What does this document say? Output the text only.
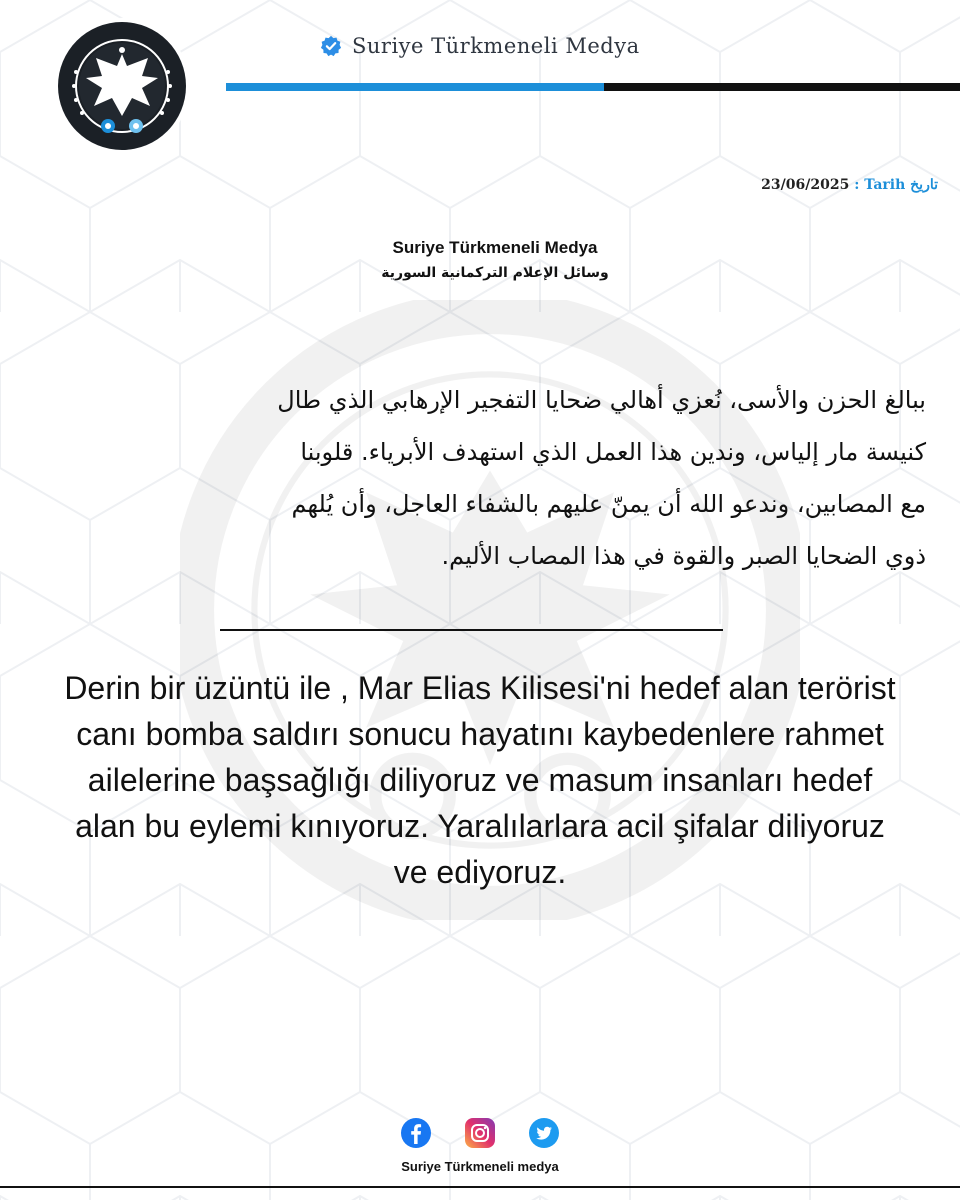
Suriye Türkmeneli Medya
23/06/2025 : Tarih تاريخ
Suriye Türkmeneli Medya
وسائل الإعلام التركمانية السورية
ببالغ الحزن والأسى، نُعزي أهالي ضحايا التفجير الإرهابي الذي طال
كنيسة مار إلياس، وندين هذا العمل الذي استهدف الأبرياء. قلوبنا
مع المصابين، وندعو الله أن يمنّ عليهم بالشفاء العاجل، وأن يُلهم
ذوي الضحايا الصبر والقوة في هذا المصاب الأليم.
Derin bir üzüntü ile , Mar Elias Kilisesi'ni hedef alan terörist
canı bomba saldırı sonucu hayatını kaybedenlere rahmet
ailelerine başsağlığı diliyoruz ve masum insanları hedef
alan bu eylemi kınıyoruz. Yaralılarlara acil şifalar diliyoruz
ve ediyoruz.
Suriye Türkmeneli medya
